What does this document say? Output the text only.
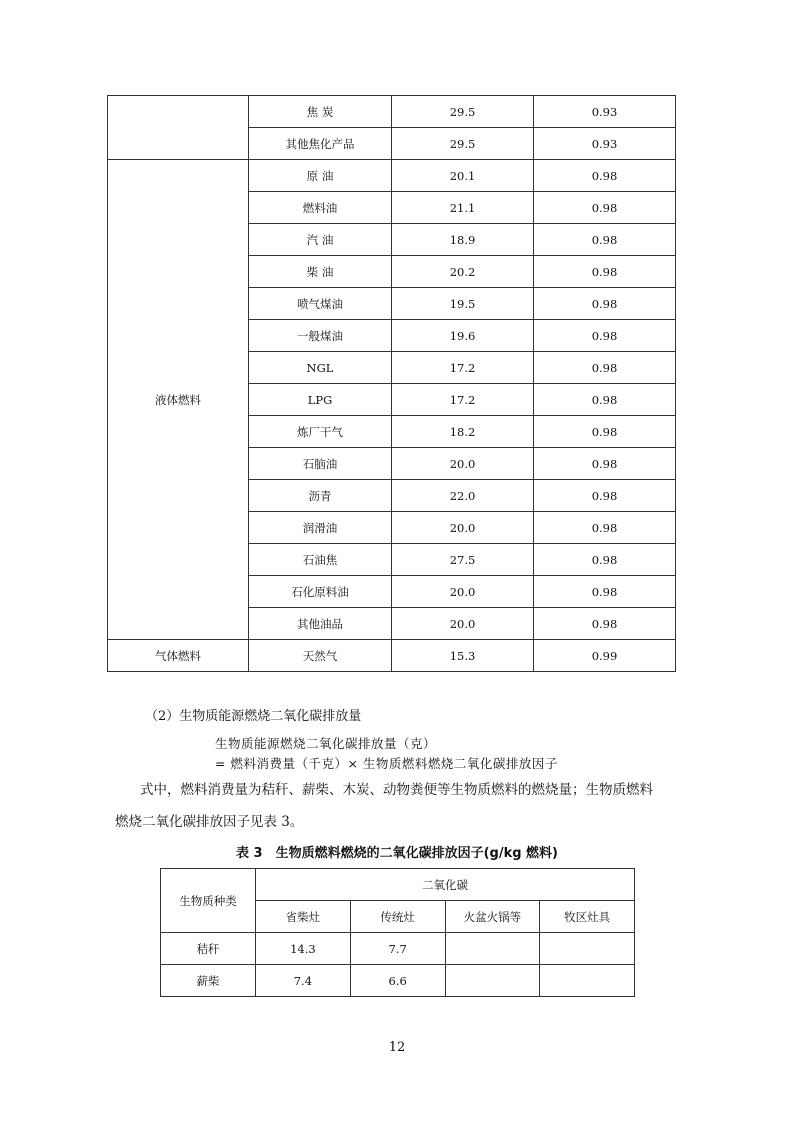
	焦 炭	29.5	0.93
	其他焦化产品	29.5	0.93
液体燃料	原 油	20.1	0.98
	燃料油	21.1	0.98
	汽 油	18.9	0.98
	柴 油	20.2	0.98
	喷气煤油	19.5	0.98
	一般煤油	19.6	0.98
	NGL	17.2	0.98
	LPG	17.2	0.98
	炼厂干气	18.2	0.98
	石脑油	20.0	0.98
	沥青	22.0	0.98
	润滑油	20.0	0.98
	石油焦	27.5	0.98
	石化原料油	20.0	0.98
	其他油品	20.0	0.98
气体燃料	天然气	15.3	0.99
（2）生物质能源燃烧二氧化碳排放量
生物质能源燃烧二氧化碳排放量（克）
= 燃料消费量（千克）× 生物质燃料燃烧二氧化碳排放因子
式中，燃料消费量为秸秆、薪柴、木炭、动物粪便等生物质燃料的燃烧量；生物质燃料
燃烧二氧化碳排放因子见表 3。
表 3　生物质燃料燃烧的二氧化碳排放因子(g/kg 燃料)
生物质种类	二氧化碳			
	省柴灶	传统灶	火盆火锅等	牧区灶具
秸秆	14.3	7.7		
薪柴	7.4	6.6		
12
